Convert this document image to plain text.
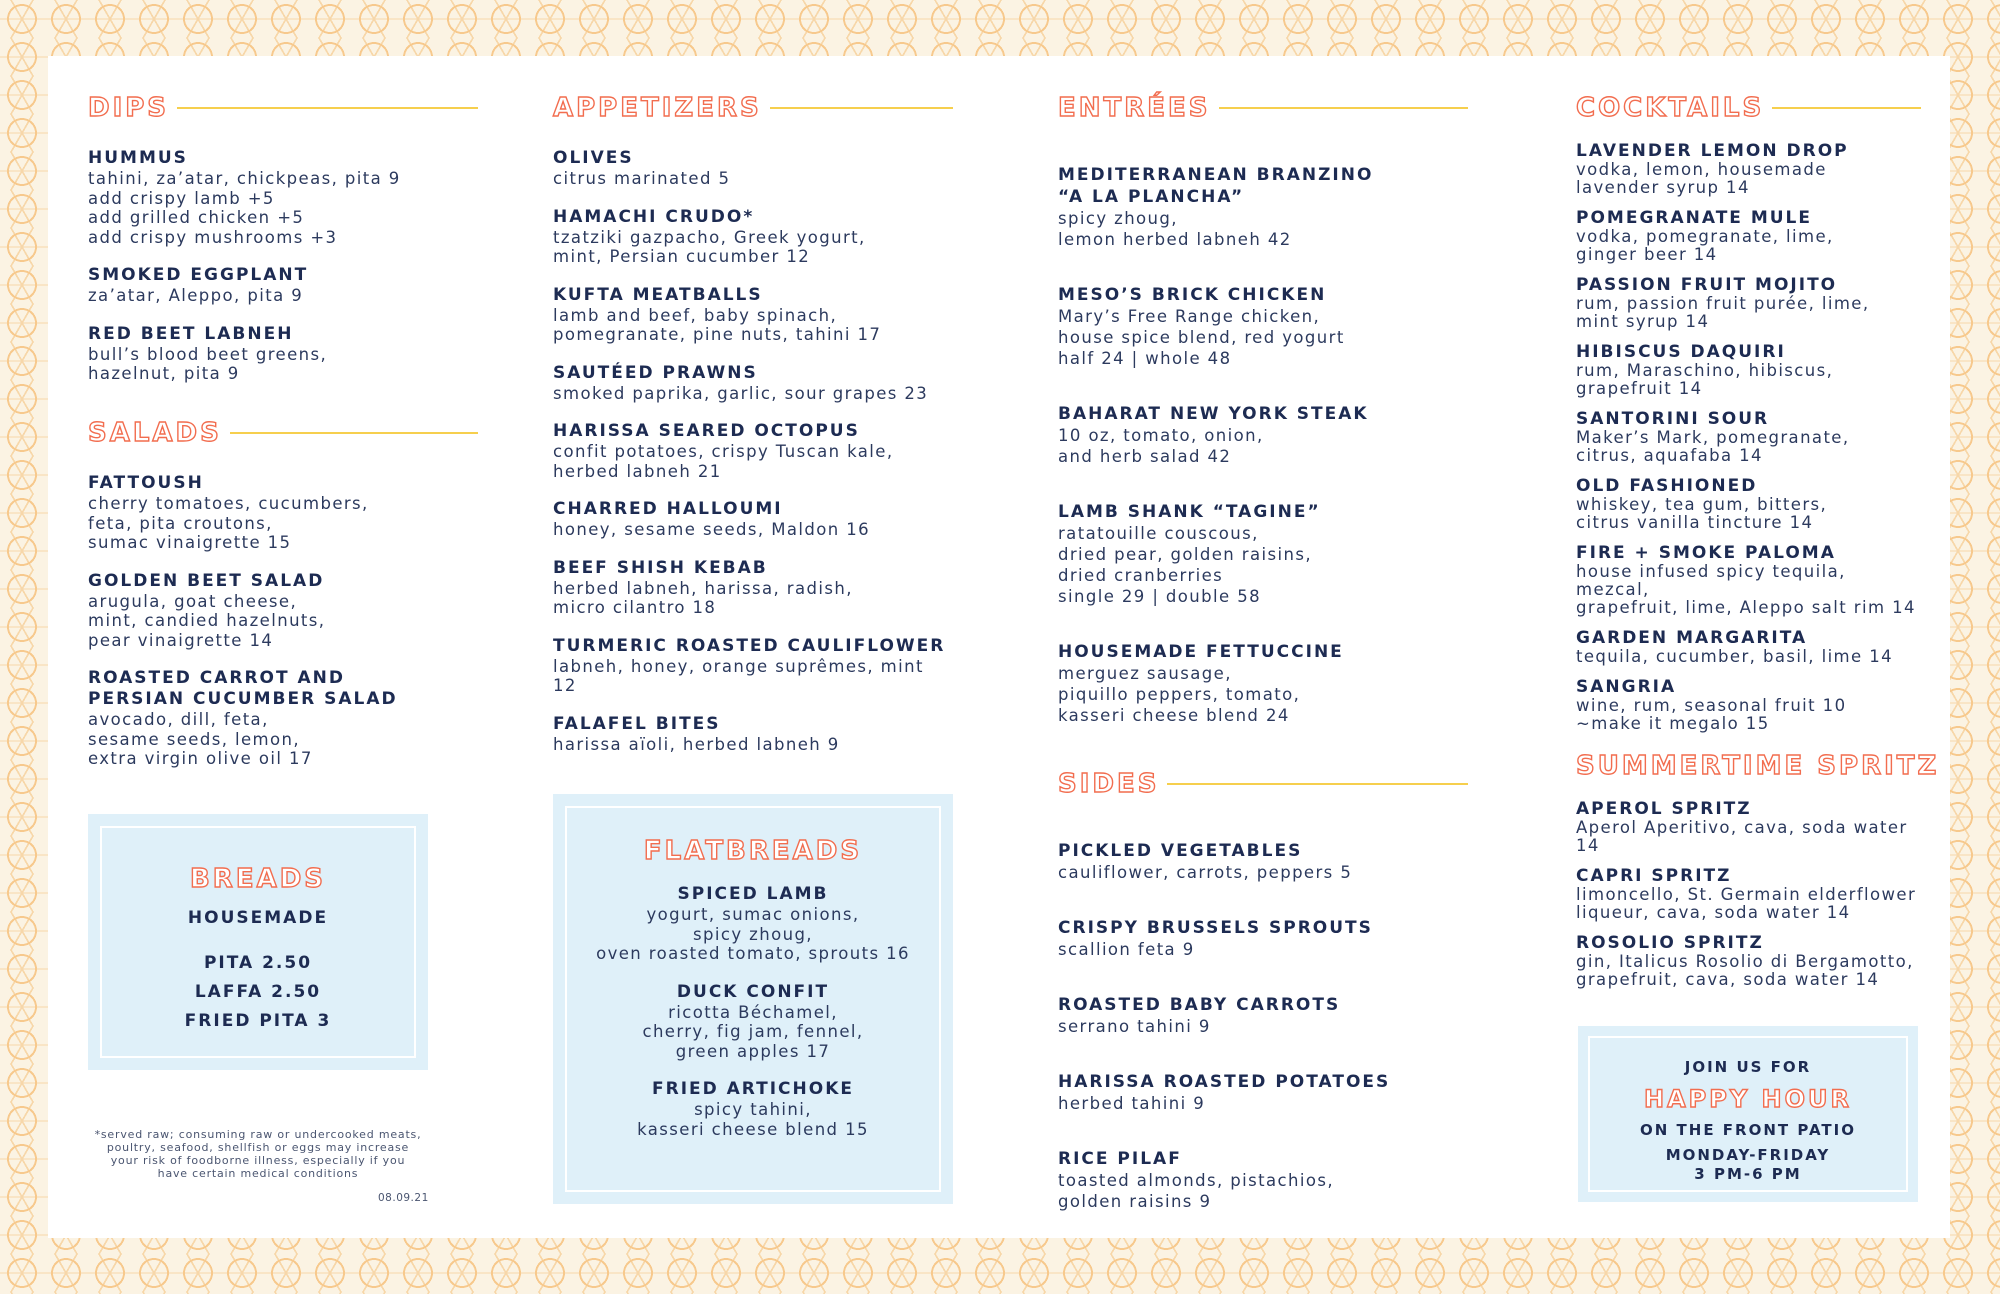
DIPS
HUMMUS
tahini, za’atar, chickpeas, pita 9
add crispy lamb +5
add grilled chicken +5
add crispy mushrooms +3
SMOKED EGGPLANT
za’atar, Aleppo, pita 9
RED BEET LABNEH
bull’s blood beet greens,
hazelnut, pita 9
SALADS
FATTOUSH
cherry tomatoes, cucumbers,
feta, pita croutons,
sumac vinaigrette 15
GOLDEN BEET SALAD
arugula, goat cheese,
mint, candied hazelnuts,
pear vinaigrette 14
ROASTED CARROT AND
PERSIAN CUCUMBER SALAD
avocado, dill, feta,
sesame seeds, lemon,
extra virgin olive oil 17
BREADS
HOUSEMADE
PITA 2.50
LAFFA 2.50
FRIED PITA 3
*served raw; consuming raw or undercooked meats,
poultry, seafood, shellfish or eggs may increase
your risk of foodborne illness, especially if you
have certain medical conditions
08.09.21
APPETIZERS
OLIVES
citrus marinated 5
HAMACHI CRUDO*
tzatziki gazpacho, Greek yogurt,
mint, Persian cucumber 12
KUFTA MEATBALLS
lamb and beef, baby spinach,
pomegranate, pine nuts, tahini 17
SAUTÉED PRAWNS
smoked paprika, garlic, sour grapes 23
HARISSA SEARED OCTOPUS
confit potatoes, crispy Tuscan kale,
herbed labneh 21
CHARRED HALLOUMI
honey, sesame seeds, Maldon 16
BEEF SHISH KEBAB
herbed labneh, harissa, radish,
micro cilantro 18
TURMERIC ROASTED CAULIFLOWER
labneh, honey, orange suprêmes, mint 12
FALAFEL BITES
harissa aïoli, herbed labneh 9
FLATBREADS
SPICED LAMB
yogurt, sumac onions,
spicy zhoug,
oven roasted tomato, sprouts 16
DUCK CONFIT
ricotta Béchamel,
cherry, fig jam, fennel,
green apples 17
FRIED ARTICHOKE
spicy tahini,
kasseri cheese blend 15
ENTRÉES
MEDITERRANEAN BRANZINO
“A LA PLANCHA”
spicy zhoug,
lemon herbed labneh 42
MESO’S BRICK CHICKEN
Mary’s Free Range chicken,
house spice blend, red yogurt
half 24 | whole 48
BAHARAT NEW YORK STEAK
10 oz, tomato, onion,
and herb salad 42
LAMB SHANK “TAGINE”
ratatouille couscous,
dried pear, golden raisins,
dried cranberries
single 29 | double 58
HOUSEMADE FETTUCCINE
merguez sausage,
piquillo peppers, tomato,
kasseri cheese blend 24
SIDES
PICKLED VEGETABLES
cauliflower, carrots, peppers 5
CRISPY BRUSSELS SPROUTS
scallion feta 9
ROASTED BABY CARROTS
serrano tahini 9
HARISSA ROASTED POTATOES
herbed tahini 9
RICE PILAF
toasted almonds, pistachios,
golden raisins 9
COCKTAILS
LAVENDER LEMON DROP
vodka, lemon, housemade
lavender syrup 14
POMEGRANATE MULE
vodka, pomegranate, lime,
ginger beer 14
PASSION FRUIT MOJITO
rum, passion fruit purée, lime,
mint syrup 14
HIBISCUS DAQUIRI
rum, Maraschino, hibiscus,
grapefruit 14
SANTORINI SOUR
Maker’s Mark, pomegranate,
citrus, aquafaba 14
OLD FASHIONED
whiskey, tea gum, bitters,
citrus vanilla tincture 14
FIRE + SMOKE PALOMA
house infused spicy tequila, mezcal,
grapefruit, lime, Aleppo salt rim 14
GARDEN MARGARITA
tequila, cucumber, basil, lime 14
SANGRIA
wine, rum, seasonal fruit 10
~make it megalo 15
SUMMERTIME SPRITZ
APEROL SPRITZ
Aperol Aperitivo, cava, soda water 14
CAPRI SPRITZ
limoncello, St. Germain elderflower
liqueur, cava, soda water 14
ROSOLIO SPRITZ
gin, Italicus Rosolio di Bergamotto,
grapefruit, cava, soda water 14
JOIN US FOR
HAPPY HOUR
ON THE FRONT PATIO
MONDAY-FRIDAY
3 PM-6 PM
